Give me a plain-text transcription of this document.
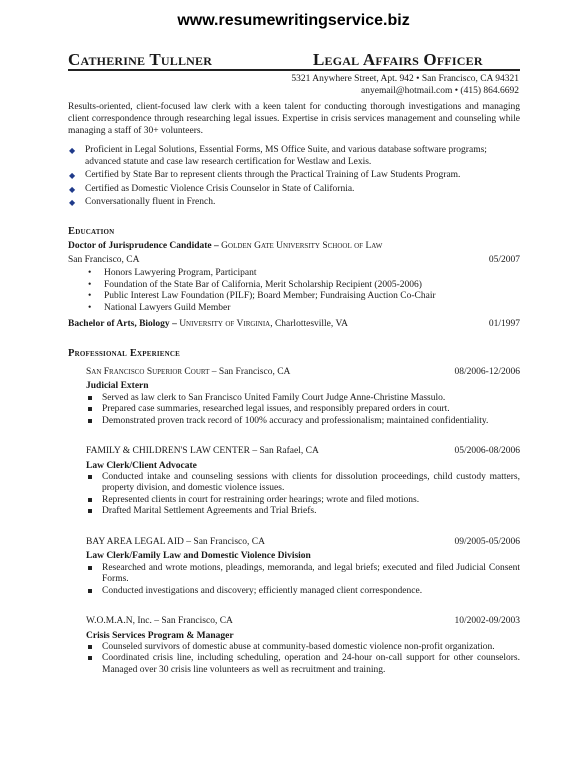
www.resumewritingservice.biz
Catherine Tullner	Legal Affairs Officer
5321 Anywhere Street, Apt. 942 • San Francisco, CA 94321
anyemail@hotmail.com • (415) 864.6692
Results-oriented, client-focused law clerk with a keen talent for conducting thorough investigations and managing client correspondence through researching legal issues. Expertise in crisis services management and counseling while managing a staff of 30+ volunteers.
◆ Proficient in Legal Solutions, Essential Forms, MS Office Suite, and various database software programs; advanced statute and case law research certification for Westlaw and Lexis.
◆ Certified by State Bar to represent clients through the Practical Training of Law Students Program.
◆ Certified as Domestic Violence Crisis Counselor in State of California.
◆ Conversationally fluent in French.
Education
Doctor of Jurisprudence Candidate – Golden Gate University School of Law
San Francisco, CA	05/2007
• Honors Lawyering Program, Participant
• Foundation of the State Bar of California, Merit Scholarship Recipient (2005-2006)
• Public Interest Law Foundation (PILF); Board Member; Fundraising Auction Co-Chair
• National Lawyers Guild Member
Bachelor of Arts, Biology – University of Virginia, Charlottesville, VA	01/1997
Professional Experience
San Francisco Superior Court – San Francisco, CA	08/2006-12/2006
Judicial Extern
Served as law clerk to San Francisco United Family Court Judge Anne-Christine Massulo.
Prepared case summaries, researched legal issues, and responsibly prepared orders in court.
Demonstrated proven track record of 100% accuracy and professionalism; maintained confidentiality.
FAMILY & CHILDREN'S LAW CENTER – San Rafael, CA	05/2006-08/2006
Law Clerk/Client Advocate
Conducted intake and counseling sessions with clients for dissolution proceedings, child custody matters, property division, and domestic violence issues.
Represented clients in court for restraining order hearings; wrote and filed motions.
Drafted Marital Settlement Agreements and Trial Briefs.
BAY AREA LEGAL AID – San Francisco, CA	09/2005-05/2006
Law Clerk/Family Law and Domestic Violence Division
Researched and wrote motions, pleadings, memoranda, and legal briefs; executed and filed Judicial Consent Forms.
Conducted investigations and discovery; efficiently managed client correspondence.
W.O.M.A.N, Inc. – San Francisco, CA	10/2002-09/2003
Crisis Services Program & Manager
Counseled survivors of domestic abuse at community-based domestic violence non-profit organization.
Coordinated crisis line, including scheduling, operation and 24-hour on-call support for other counselors. Managed over 30 crisis line volunteers as well as recruitment and training.
